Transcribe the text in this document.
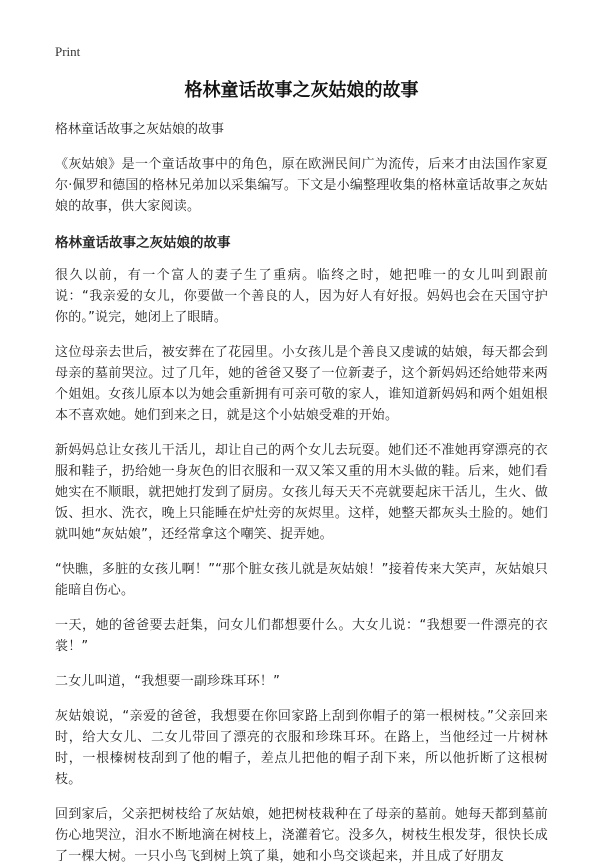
Print
格林童话故事之灰姑娘的故事
格林童话故事之灰姑娘的故事

《灰姑娘》是一个童话故事中的角色，原在欧洲民间广为流传，后来才由法国作家夏尔·佩罗和德国的格林兄弟加以采集编写。下文是小编整理收集的格林童话故事之灰姑娘的故事，供大家阅读。

格林童话故事之灰姑娘的故事

很久以前，有一个富人的妻子生了重病。临终之时，她把唯一的女儿叫到跟前说：“我亲爱的女儿，你要做一个善良的人，因为好人有好报。妈妈也会在天国守护你的。”说完，她闭上了眼睛。

这位母亲去世后，被安葬在了花园里。小女孩儿是个善良又虔诚的姑娘，每天都会到母亲的墓前哭泣。过了几年，她的爸爸又娶了一位新妻子，这个新妈妈还给她带来两个姐姐。女孩儿原本以为她会重新拥有可亲可敬的家人，谁知道新妈妈和两个姐姐根本不喜欢她。她们到来之日，就是这个小姑娘受难的开始。

新妈妈总让女孩儿干活儿，却让自己的两个女儿去玩耍。她们还不准她再穿漂亮的衣服和鞋子，扔给她一身灰色的旧衣服和一双又笨又重的用木头做的鞋。后来，她们看她实在不顺眼，就把她打发到了厨房。女孩儿每天天不亮就要起床干活儿，生火、做饭、担水、洗衣，晚上只能睡在炉灶旁的灰烬里。这样，她整天都灰头土脸的。她们就叫她“灰姑娘”，还经常拿这个嘲笑、捉弄她。

“快瞧，多脏的女孩儿啊！”“那个脏女孩儿就是灰姑娘！”接着传来大笑声，灰姑娘只能暗自伤心。

一天，她的爸爸要去赶集，问女儿们都想要什么。大女儿说：“我想要一件漂亮的衣裳！”

二女儿叫道，“我想要一副珍珠耳环！”

灰姑娘说，“亲爱的爸爸，我想要在你回家路上刮到你帽子的第一根树枝。”父亲回来时，给大女儿、二女儿带回了漂亮的衣服和珍珠耳环。在路上，当他经过一片树林时，一根榛树枝刮到了他的帽子，差点儿把他的帽子刮下来，所以他折断了这根树枝。

回到家后，父亲把树枝给了灰姑娘，她把树枝栽种在了母亲的墓前。她每天都到墓前伤心地哭泣，泪水不断地滴在树枝上，浇灌着它。没多久，树枝生根发芽，很快长成了一棵大树。一只小鸟飞到树上筑了巢，她和小鸟交谈起来，并且成了好朋友
